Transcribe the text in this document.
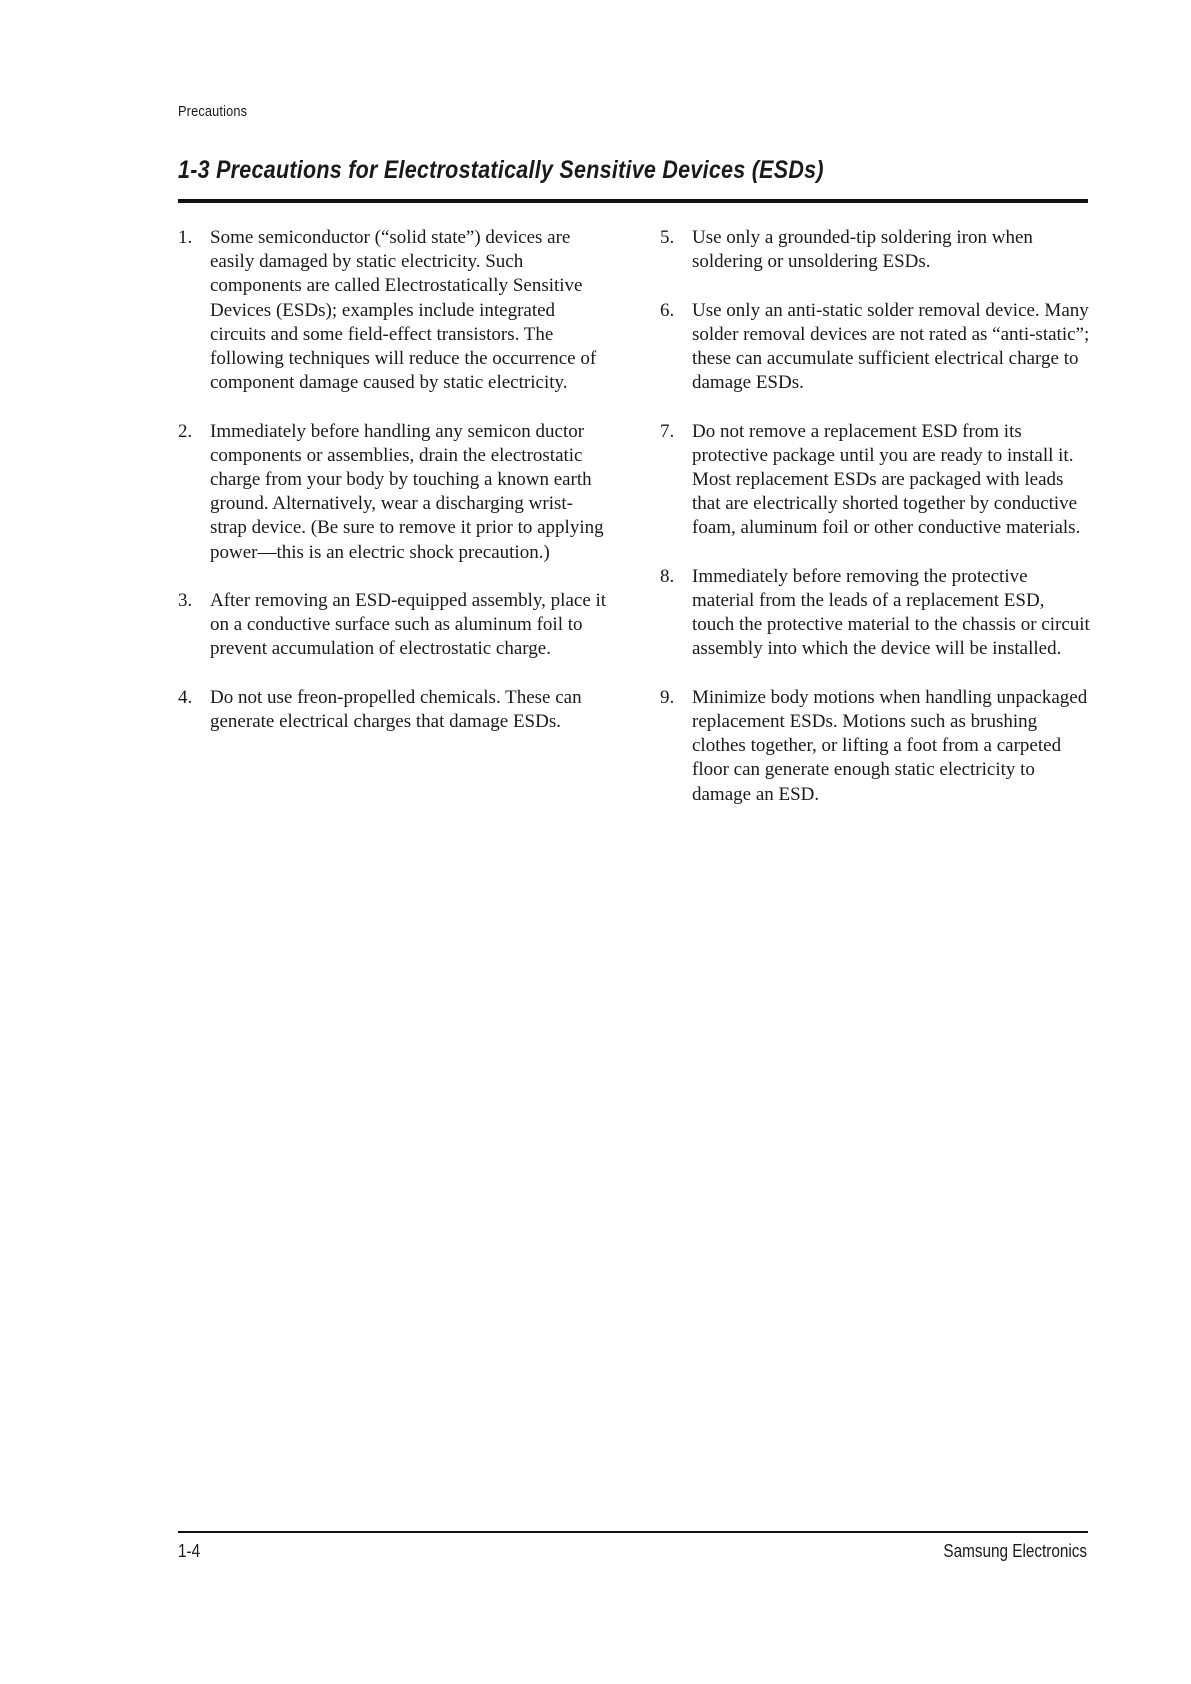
Precautions
1-3 Precautions for Electrostatically Sensitive Devices (ESDs)
1. Some semiconductor (“solid state”) devices are easily damaged by static electricity. Such components are called Electrostatically Sensitive Devices (ESDs); examples include integrated circuits and some field-effect transistors. The following techniques will reduce the occurrence of component damage caused by static electricity.
2. Immediately before handling any semicon ductor components or assemblies, drain the electrostatic charge from your body by touching a known earth ground. Alternatively, wear a discharging wrist-strap device. (Be sure to remove it prior to applying power—this is an electric shock precaution.)
3. After removing an ESD-equipped assembly, place it on a conductive surface such as aluminum foil to prevent accumulation of electrostatic charge.
4. Do not use freon-propelled chemicals. These can generate electrical charges that damage ESDs.
5. Use only a grounded-tip soldering iron when soldering or unsoldering ESDs.
6. Use only an anti-static solder removal device. Many solder removal devices are not rated as “anti-static”; these can accumulate sufficient electrical charge to damage ESDs.
7. Do not remove a replacement ESD from its protective package until you are ready to install it. Most replacement ESDs are packaged with leads that are electrically shorted together by conductive foam, aluminum foil or other conductive materials.
8. Immediately before removing the protective material from the leads of a replacement ESD, touch the protective material to the chassis or circuit assembly into which the device will be installed.
9. Minimize body motions when handling unpackaged replacement ESDs. Motions such as brushing clothes together, or lifting a foot from a carpeted floor can generate enough static electricity to damage an ESD.
1-4	Samsung Electronics
